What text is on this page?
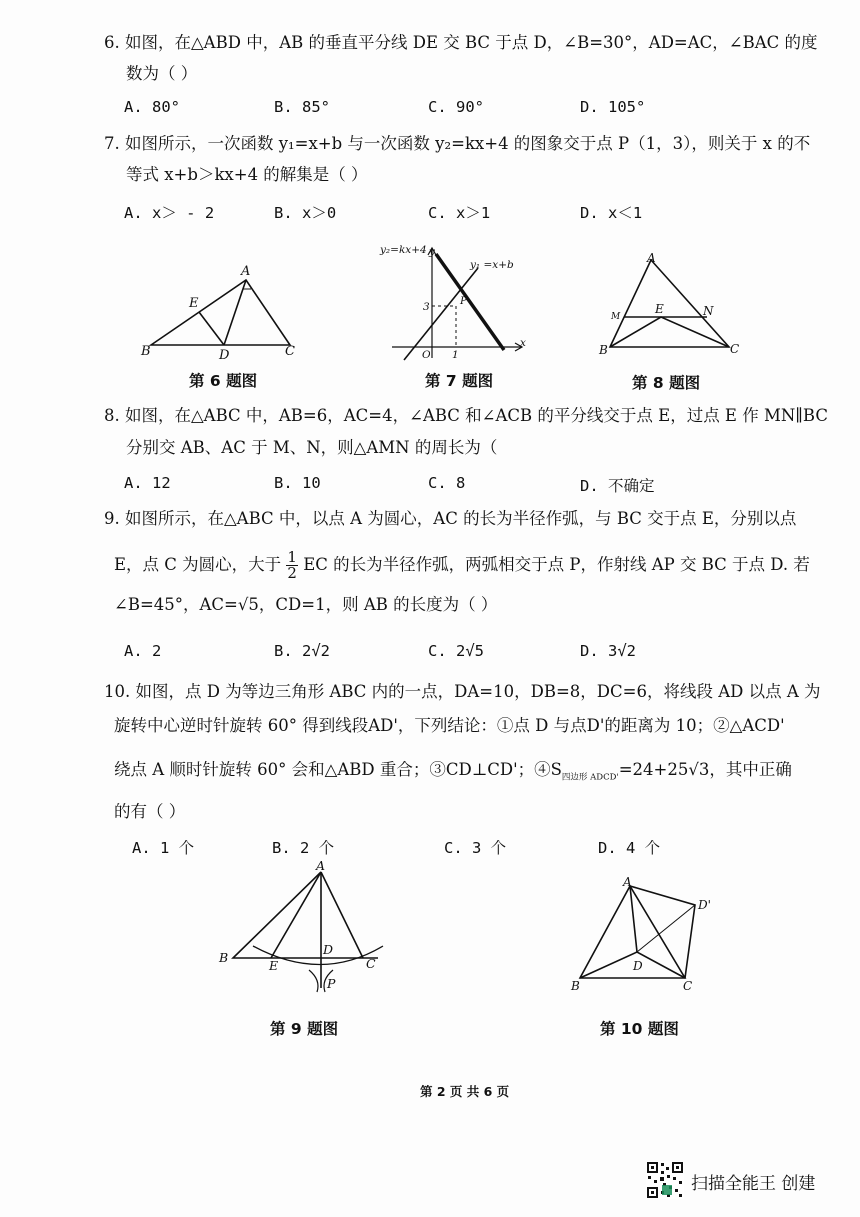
6. 如图，在△ABD 中，AB 的垂直平分线 DE 交 BC 于点 D，∠B=30°，AD=AC，∠BAC 的度
数为（ ）
A. 80°	B. 85°	C. 90°	D. 105°
7. 如图所示，一次函数 y₁=x+b 与一次函数 y₂=kx+4 的图象交于点 P（1，3），则关于 x 的不
等式 x+b＞kx+4 的解集是（ ）
A. x＞ - 2	B. x＞0	C. x＞1	D. x＜1
A
E
B	D	C
第 6 题图
y₂=kx+4 y
y₁ =x+b
P
3
O 1
x
第 7 题图
A
M
E	N
B	C
第 8 题图
8. 如图，在△ABC 中，AB=6，AC=4，∠ABC 和∠ACB 的平分线交于点 E，过点 E 作 MN∥BC
分别交 AB、AC 于 M、N，则△AMN 的周长为（
A. 12	B. 10	C. 8	D. 不确定
9. 如图所示，在△ABC 中，以点 A 为圆心，AC 的长为半径作弧，与 BC 交于点 E，分别以点
E，点 C 为圆心，大于 $\frac{1}{2}$ EC 的长为半径作弧，两弧相交于点 P，作射线 AP 交 BC 于点 D. 若
∠B=45°，AC=√5，CD=1，则 AB 的长度为（ ）
A. 2	B. 2√2	C. 2√5	D. 3√2
10. 如图，点 D 为等边三角形 ABC 内的一点，DA=10，DB=8，DC=6，将线段 AD 以点 A 为
旋转中心逆时针旋转 60° 得到线段AD'，下列结论：①点 D 与点D'的距离为 10；②△ACD'
绕点 A 顺时针旋转 60° 会和△ABD 重合；③CD⊥CD'；$④S_{四边形 ADCD'}=24+25√3$，其中正确
的有（ ）
A. 1 个	B. 2 个	C. 3 个	D. 4 个
A
B
E
D
C
P
第 9 题图
A
D'
D
B	C
第 10 题图
第 2 页 共 6 页
扫描全能王 创建
